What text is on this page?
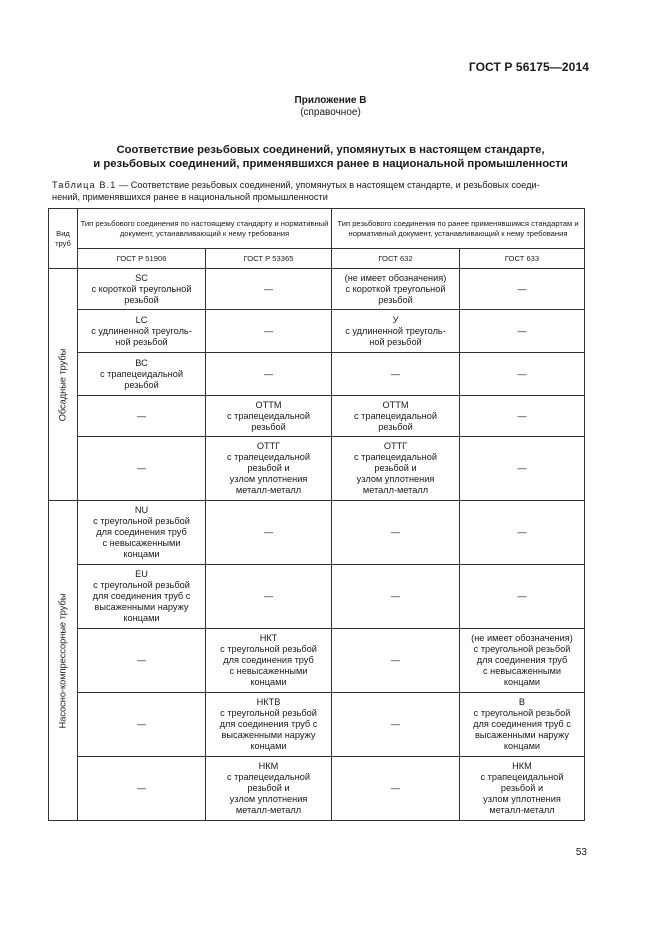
ГОСТ Р 56175—2014
Приложение В
(справочное)
Соответствие резьбовых соединений, упомянутых в настоящем стандарте,
и резьбовых соединений, применявшихся ранее в национальной промышленности
Таблица В.1 — Соответствие резьбовых соединений, упомянутых в настоящем стандарте, и резьбовых соеди-
нений, применявшихся ранее в национальной промышленности
Вид труб	Тип резьбового соединения по настоящему стандарту и нормативный документ, устанавливающий к нему требования		Тип резьбового соединения по ранее применявшимся стандартам и нормативный документ, устанавливающий к нему требования	
	ГОСТ Р 51906	ГОСТ Р 53365	ГОСТ 632	ГОСТ 633

Обсадные трубы	SC
с короткой треугольной
резьбой	—	(не имеет обозначения)
с короткой треугольной
резьбой	—

	LC
с удлиненной треуголь-
ной резьбой	—	У
с удлиненной треуголь-
ной резьбой	—

	ВС
с трапецеидальной
резьбой	—	—	—

	—	ОТТМ
с трапецеидальной
резьбой	ОТТМ
с трапецеидальной
резьбой	—

	—	ОТТГ
с трапецеидальной
резьбой и
узлом уплотнения
металл-металл	ОТТГ
с трапецеидальной
резьбой и
узлом уплотнения
металл-металл	—

Насосно-компрессорные трубы	NU
с треугольной резьбой
для соединения труб
с невысаженными
концами	—	—	—

	EU
с треугольной резьбой
для соединения труб с
высаженными наружу
концами	—	—	—

	—	НКТ
с треугольной резьбой
для соединения труб
с невысаженными
концами	—	(не имеет обозначения)
с треугольной резьбой
для соединения труб
с невысаженными
концами

	—	НКТВ
с треугольной резьбой
для соединения труб с
высаженными наружу
концами	—	В
с треугольной резьбой
для соединения труб с
высаженными наружу
концами

	—	НКМ
с трапецеидальной
резьбой и
узлом уплотнения
металл-металл	—	НКМ
с трапецеидальной
резьбой и
узлом уплотнения
металл-металл
53
